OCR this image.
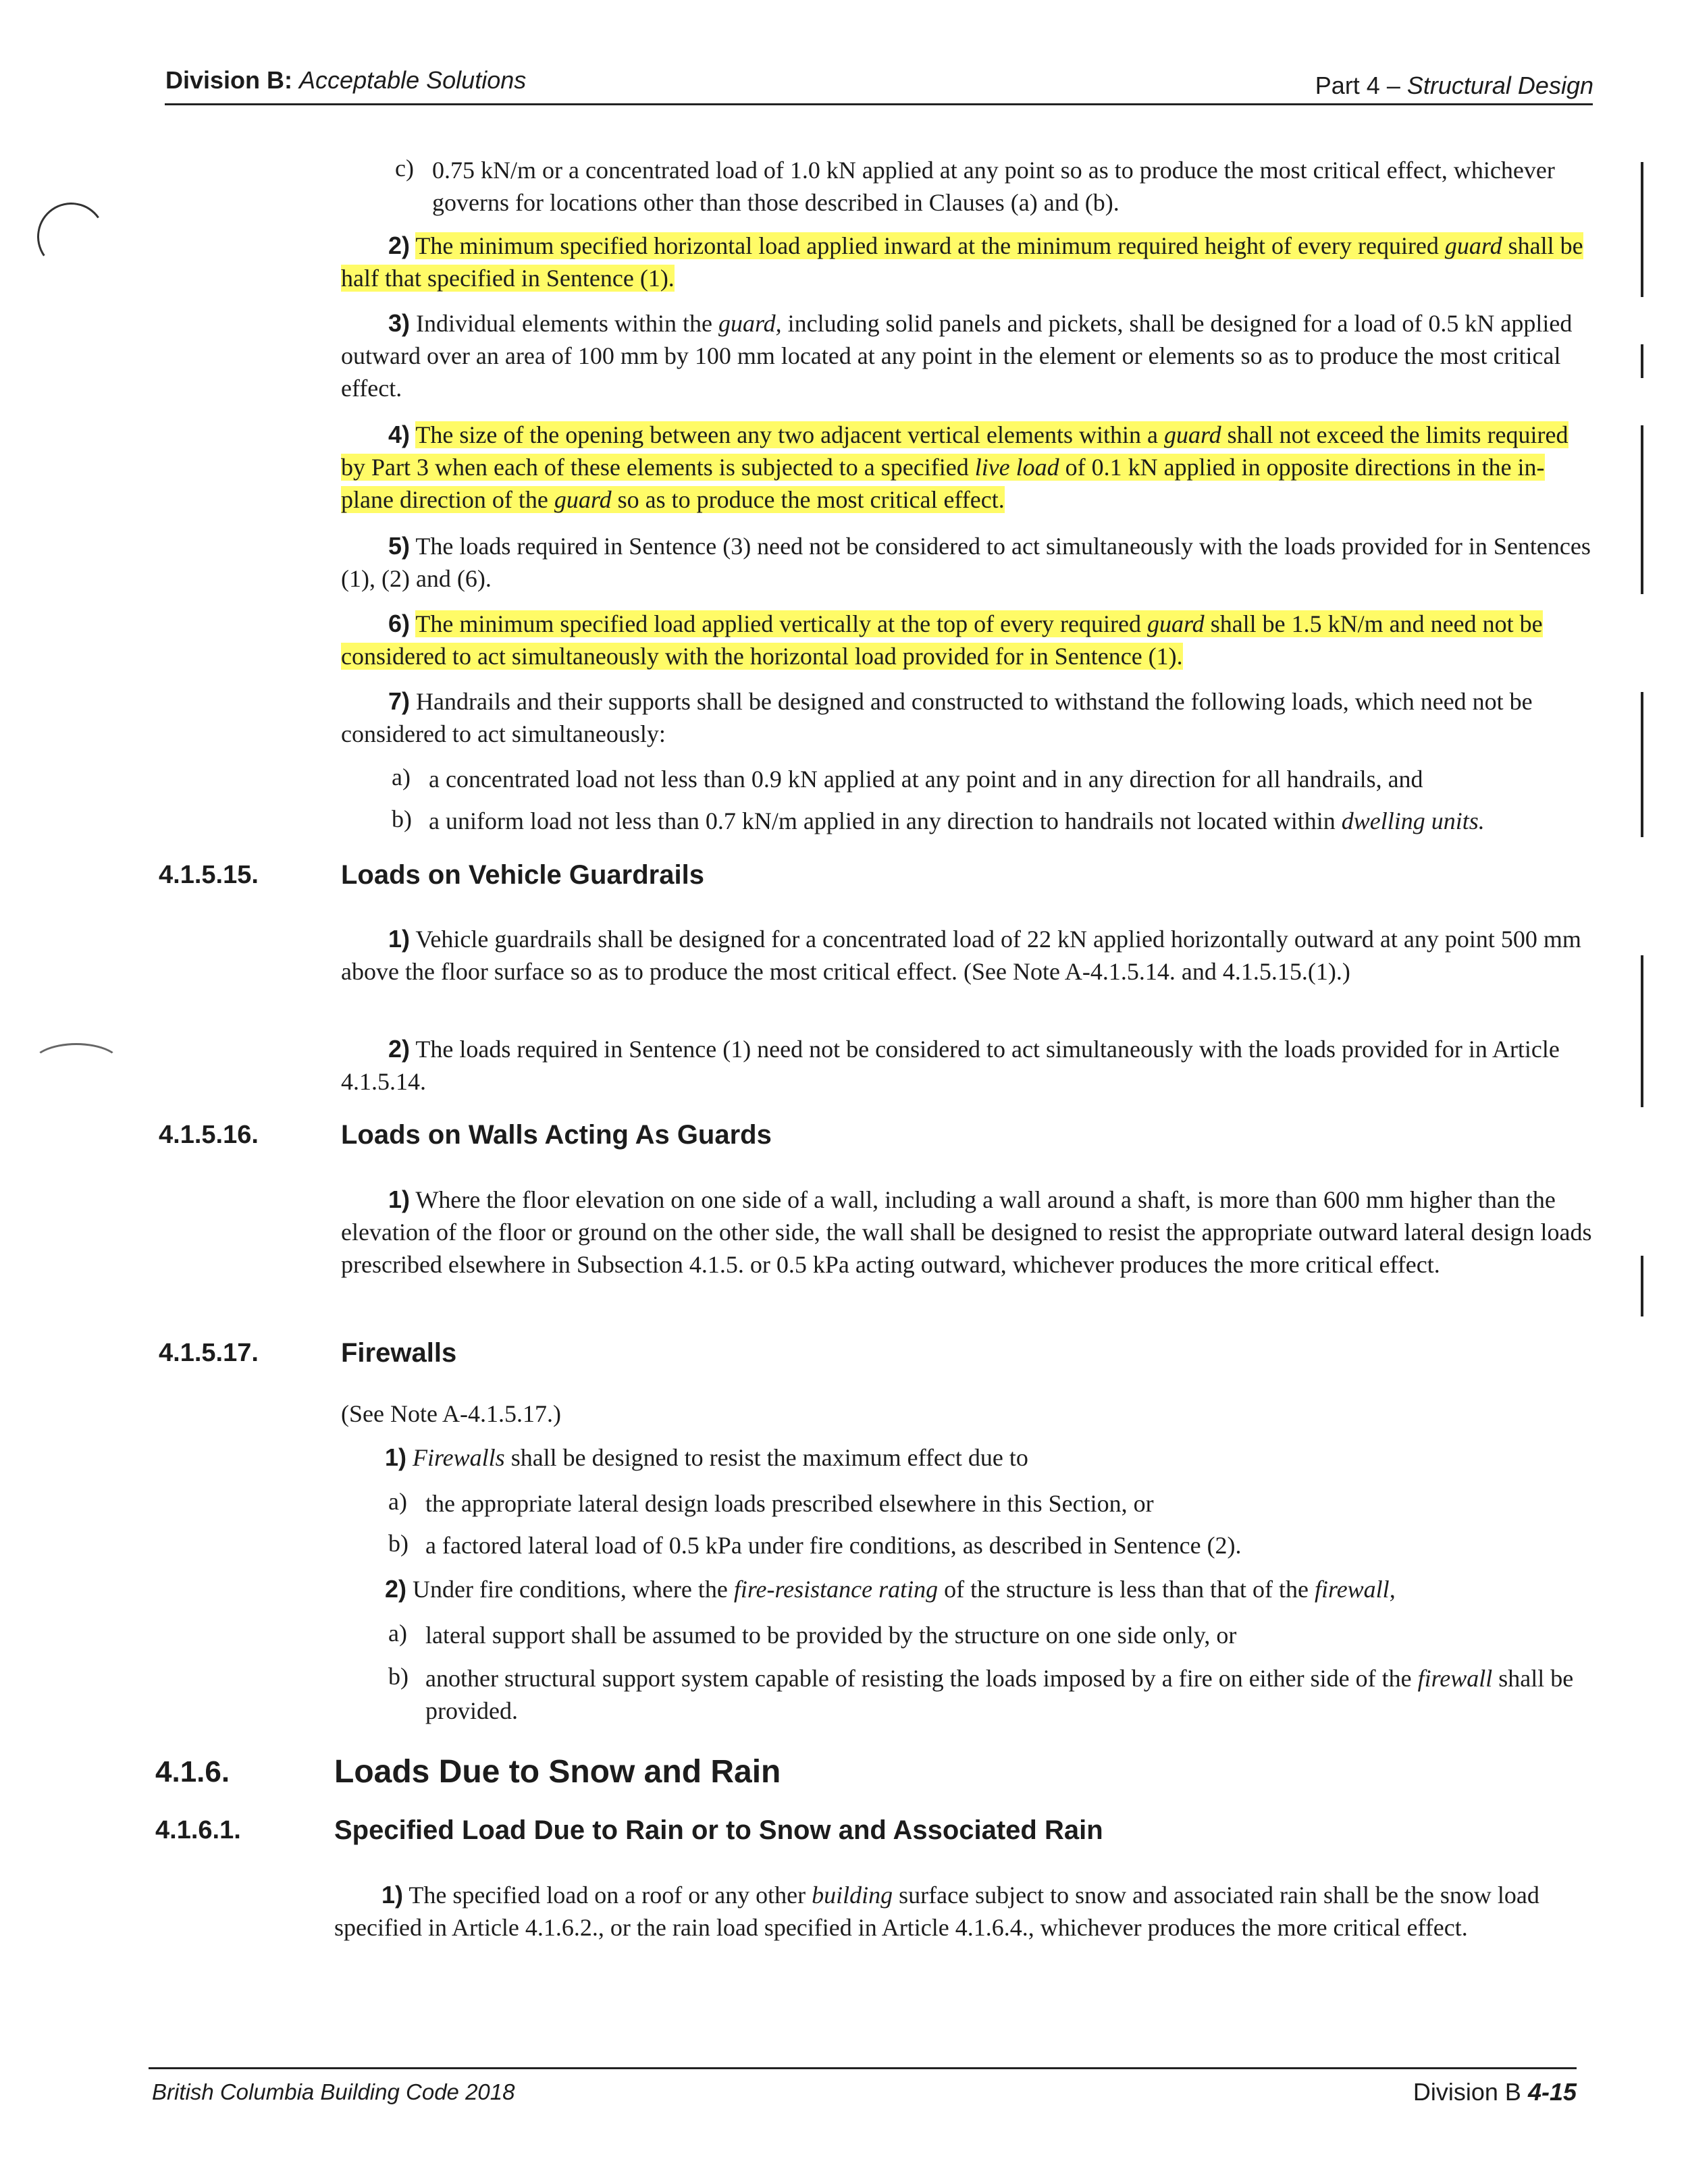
Division B: Acceptable Solutions	Part 4 – Structural Design
c) 0.75 kN/m or a concentrated load of 1.0 kN applied at any point so as to produce the most critical effect, whichever governs for locations other than those described in Clauses (a) and (b).
2) The minimum specified horizontal load applied inward at the minimum required height of every required guard shall be half that specified in Sentence (1).
3) Individual elements within the guard, including solid panels and pickets, shall be designed for a load of 0.5 kN applied outward over an area of 100 mm by 100 mm located at any point in the element or elements so as to produce the most critical effect.
4) The size of the opening between any two adjacent vertical elements within a guard shall not exceed the limits required by Part 3 when each of these elements is subjected to a specified live load of 0.1 kN applied in opposite directions in the in-plane direction of the guard so as to produce the most critical effect.
5) The loads required in Sentence (3) need not be considered to act simultaneously with the loads provided for in Sentences (1), (2) and (6).
6) The minimum specified load applied vertically at the top of every required guard shall be 1.5 kN/m and need not be considered to act simultaneously with the horizontal load provided for in Sentence (1).
7) Handrails and their supports shall be designed and constructed to withstand the following loads, which need not be considered to act simultaneously:
a) a concentrated load not less than 0.9 kN applied at any point and in any direction for all handrails, and
b) a uniform load not less than 0.7 kN/m applied in any direction to handrails not located within dwelling units.
4.1.5.15.	Loads on Vehicle Guardrails
1) Vehicle guardrails shall be designed for a concentrated load of 22 kN applied horizontally outward at any point 500 mm above the floor surface so as to produce the most critical effect. (See Note A-4.1.5.14. and 4.1.5.15.(1).)
2) The loads required in Sentence (1) need not be considered to act simultaneously with the loads provided for in Article 4.1.5.14.
4.1.5.16.	Loads on Walls Acting As Guards
1) Where the floor elevation on one side of a wall, including a wall around a shaft, is more than 600 mm higher than the elevation of the floor or ground on the other side, the wall shall be designed to resist the appropriate outward lateral design loads prescribed elsewhere in Subsection 4.1.5. or 0.5 kPa acting outward, whichever produces the more critical effect.
4.1.5.17.	Firewalls
(See Note A-4.1.5.17.)
1) Firewalls shall be designed to resist the maximum effect due to
a) the appropriate lateral design loads prescribed elsewhere in this Section, or
b) a factored lateral load of 0.5 kPa under fire conditions, as described in Sentence (2).
2) Under fire conditions, where the fire-resistance rating of the structure is less than that of the firewall,
a) lateral support shall be assumed to be provided by the structure on one side only, or
b) another structural support system capable of resisting the loads imposed by a fire on either side of the firewall shall be provided.
4.1.6.	Loads Due to Snow and Rain
4.1.6.1.	Specified Load Due to Rain or to Snow and Associated Rain
1) The specified load on a roof or any other building surface subject to snow and associated rain shall be the snow load specified in Article 4.1.6.2., or the rain load specified in Article 4.1.6.4., whichever produces the more critical effect.
British Columbia Building Code 2018	Division B 4-15
